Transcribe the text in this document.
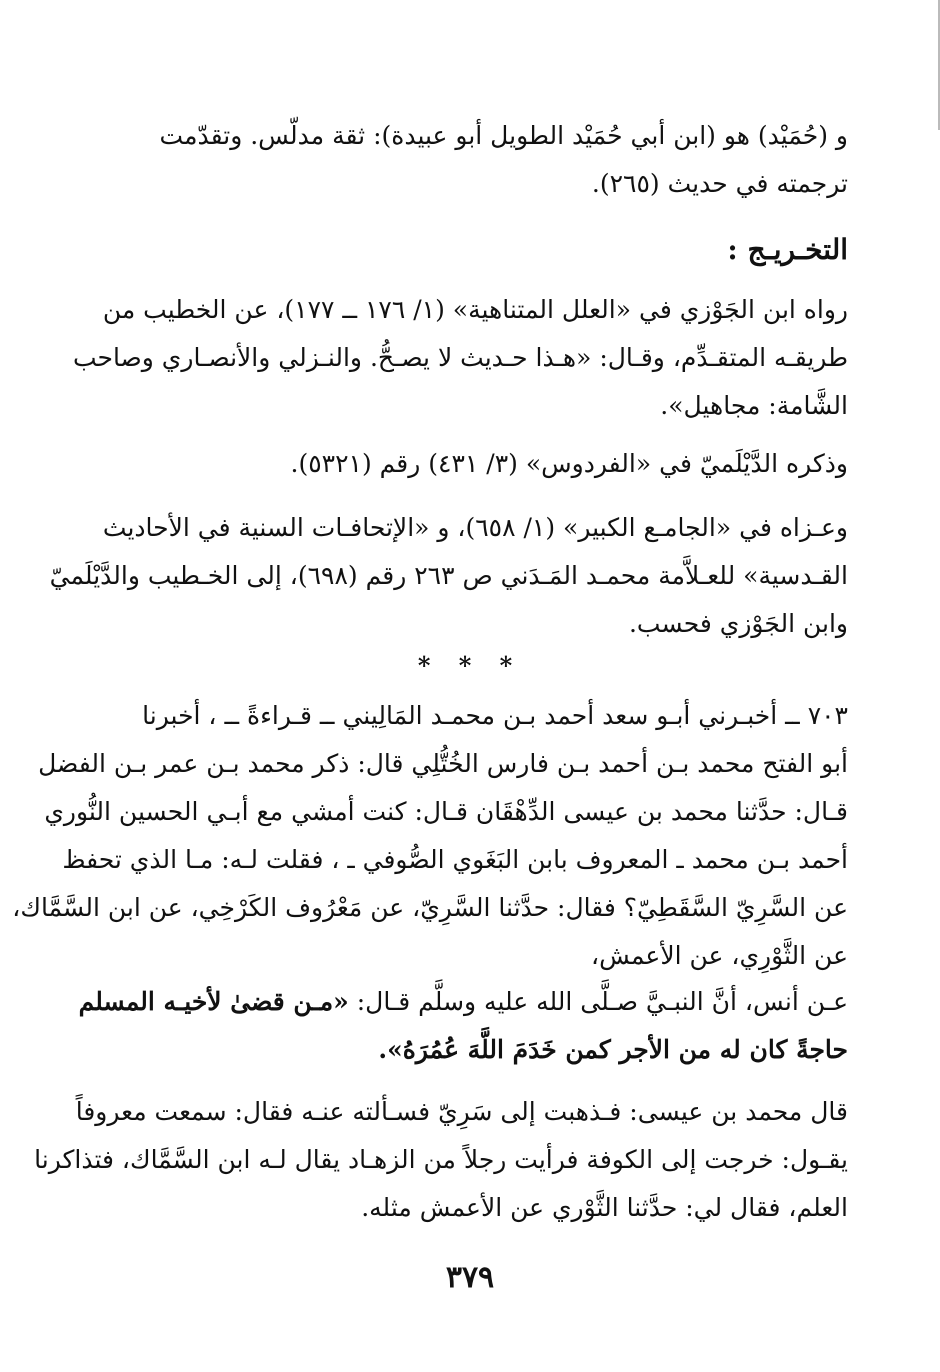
و (حُمَيْد) هو (ابن أبي حُمَيْد الطويل أبو عبيدة): ثقة مدلّس. وتقدّمت
ترجمته في حديث (٢٦٥).
التخـريـج :
رواه ابن الجَوْزي في «العلل المتناهية» (١/ ١٧٦ ــ ١٧٧)، عن الخطيب من
طريقـه المتقـدِّم، وقـال: «هـذا حـديث لا يصـحُّ. والنـزلي والأنصـاري وصاحب
الشَّامة: مجاهيل».
وذكره الدَّيْلَميّ في «الفردوس» (٣/ ٤٣١) رقم (٥٣٢١).
وعـزاه في «الجامـع الكبير» (١/ ٦٥٨)، و «الإتحافـات السنية في الأحاديث
القـدسية» للعـلاَّمة محمـد المَـدَني ص ٢٦٣ رقم (٦٩٨)، إلى الخـطيب والدَّيْلَميّ
وابن الجَوْزي فحسب.
* * *
٧٠٣ ــ أخبـرني أبـو سعد أحمد بـن محمـد المَالِيني ــ قـراءةً ــ ، أخبرنا
أبو الفتح محمد بـن أحمد بـن فارس الخُتُّلِي قال: ذكر محمد بـن عمر بـن الفضل
قـال: حدَّثنا محمد بن عيسى الدِّهْقَان قـال: كنت أمشي مع أبـي الحسين النُّوري
أحمد بـن محمد ـ المعروف بابن البَغَوي الصُّوفي ـ ، فقلت لـه: مـا الذي تحفظ
عن السَّرِيّ السَّقَطِيّ؟ فقال: حدَّثنا السَّرِيّ، عن مَعْرُوف الكَرْخِي، عن ابن السَّمَّاك،
عن الثَّوْرِي، عن الأعمش،
عـن أنس، أنَّ النبـيَّ صـلَّى الله عليه وسلَّم قـال: «مـن قضىٰ لأخيـه المسلم
حاجةً كان له من الأجر كمن خَدَمَ اللَّهَ عُمُرَهُ».
قال محمد بن عيسى: فـذهبت إلى سَرِيّ فسـألته عنـه فقال: سمعت معروفاً
يقـول: خرجت إلى الكوفة فرأيت رجلاً من الزهـاد يقال لـه ابن السَّمَّاك، فتذاكرنا
العلم، فقال لي: حدَّثنا الثَّوْري عن الأعمش مثله.
٣٧٩
